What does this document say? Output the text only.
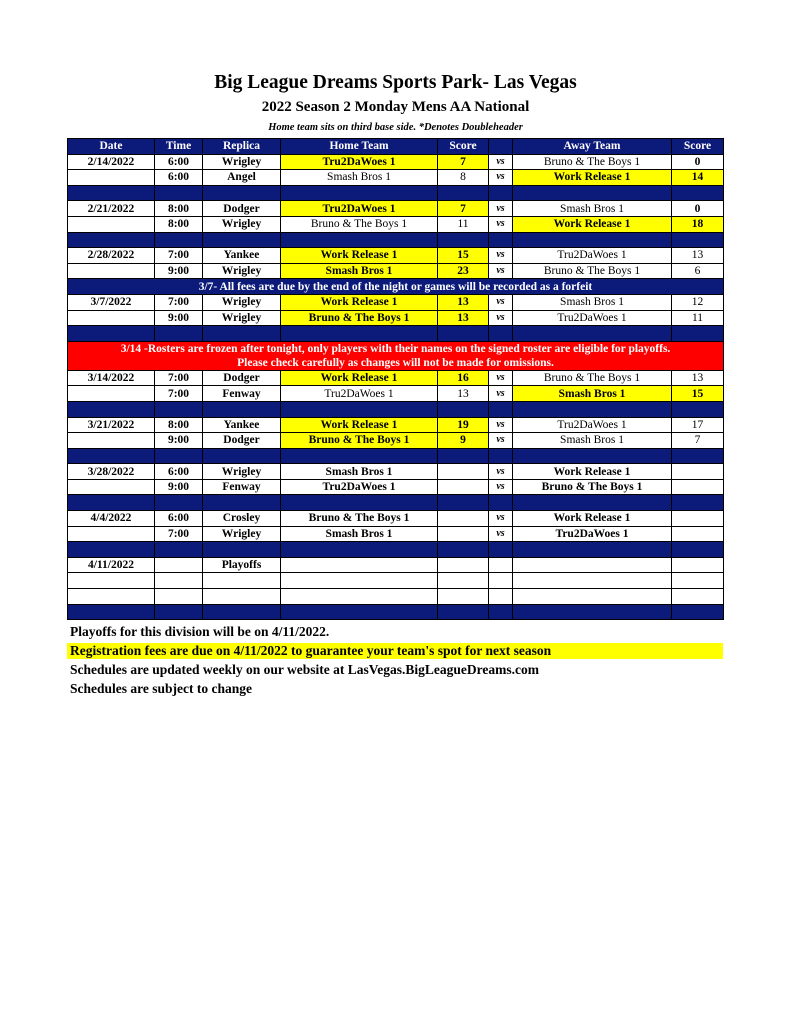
Big League Dreams Sports Park- Las Vegas
2022 Season 2 Monday Mens AA National
Home team sits on third base side. *Denotes Doubleheader
Date	Time	Replica	Home Team	Score		Away Team	Score
2/14/2022	6:00	Wrigley	Tru2DaWoes 1	7	vs	Bruno & The Boys 1	0
	6:00	Angel	Smash Bros 1	8	vs	Work Release 1	14

2/21/2022	8:00	Dodger	Tru2DaWoes 1	7	vs	Smash Bros 1	0
	8:00	Wrigley	Bruno & The Boys 1	11	vs	Work Release 1	18

2/28/2022	7:00	Yankee	Work Release 1	15	vs	Tru2DaWoes 1	13
	9:00	Wrigley	Smash Bros 1	23	vs	Bruno & The Boys 1	6
3/7- All fees are due by the end of the night or games will be recorded as a forfeit							
3/7/2022	7:00	Wrigley	Work Release 1	13	vs	Smash Bros 1	12
	9:00	Wrigley	Bruno & The Boys 1	13	vs	Tru2DaWoes 1	11

3/14 -Rosters are frozen after tonight, only players with their names on the signed roster are eligible for playoffs.
Please check carefully as changes will not be made for omissions.							

3/14/2022	7:00	Dodger	Work Release 1	16	vs	Bruno & The Boys 1	13
	7:00	Fenway	Tru2DaWoes 1	13	vs	Smash Bros 1	15

3/21/2022	8:00	Yankee	Work Release 1	19	vs	Tru2DaWoes 1	17
	9:00	Dodger	Bruno & The Boys 1	9	vs	Smash Bros 1	7

3/28/2022	6:00	Wrigley	Smash Bros 1		vs	Work Release 1	
	9:00	Fenway	Tru2DaWoes 1		vs	Bruno & The Boys 1	

4/4/2022	6:00	Crosley	Bruno & The Boys 1		vs	Work Release 1	
	7:00	Wrigley	Smash Bros 1		vs	Tru2DaWoes 1	

4/11/2022		Playoffs					

Playoffs for this division will be on 4/11/2022.
Registration fees are due on 4/11/2022 to guarantee your team's spot for next season
Schedules are updated weekly on our website at LasVegas.BigLeagueDreams.com
Schedules are subject to change
